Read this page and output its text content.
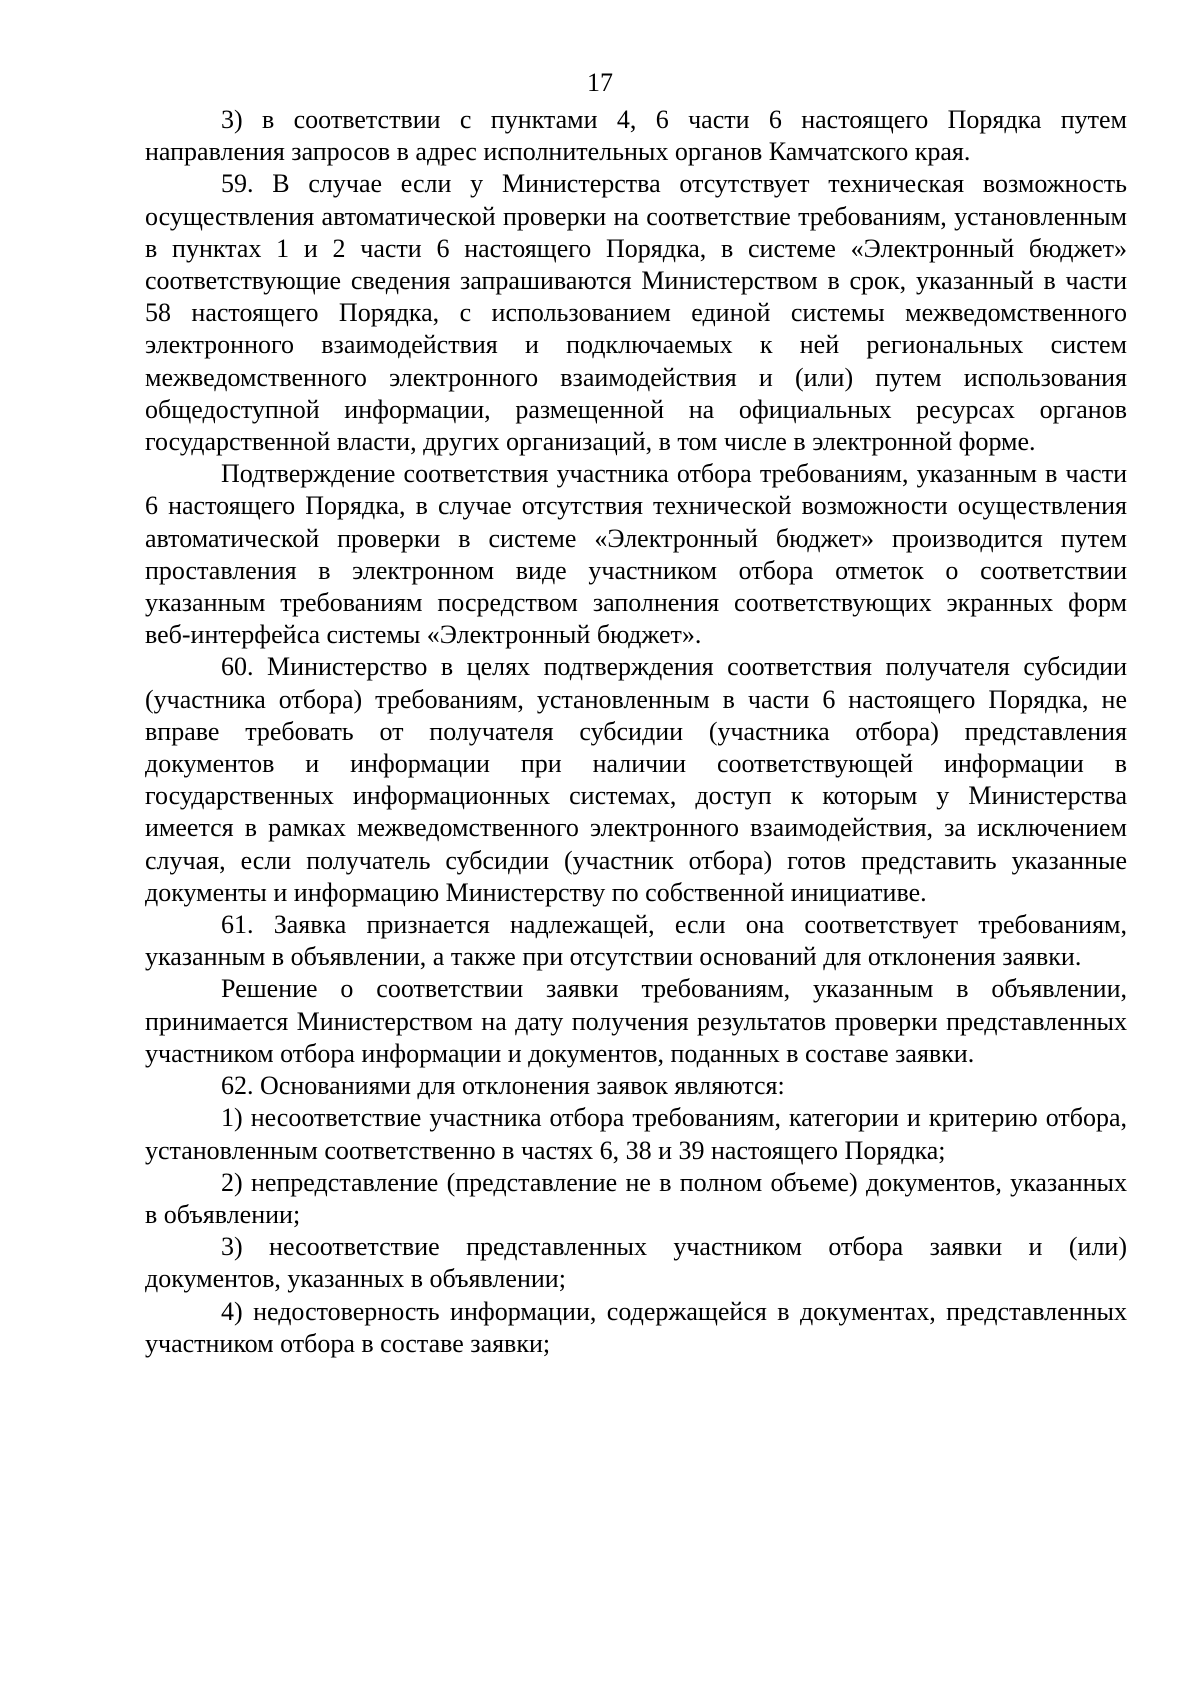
17

3) в соответствии с пунктами 4, 6 части 6 настоящего Порядка путем направления запросов в адрес исполнительных органов Камчатского края.

59. В случае если у Министерства отсутствует техническая возможность осуществления автоматической проверки на соответствие требованиям, установленным в пунктах 1 и 2 части 6 настоящего Порядка, в системе «Электронный бюджет» соответствующие сведения запрашиваются Министерством в срок, указанный в части 58 настоящего Порядка, с использованием единой системы межведомственного электронного взаимодействия и подключаемых к ней региональных систем межведомственного электронного взаимодействия и (или) путем использования общедоступной информации, размещенной на официальных ресурсах органов государственной власти, других организаций, в том числе в электронной форме.

Подтверждение соответствия участника отбора требованиям, указанным в части 6 настоящего Порядка, в случае отсутствия технической возможности осуществления автоматической проверки в системе «Электронный бюджет» производится путем проставления в электронном виде участником отбора отметок о соответствии указанным требованиям посредством заполнения соответствующих экранных форм веб-интерфейса системы «Электронный бюджет».

60. Министерство в целях подтверждения соответствия получателя субсидии (участника отбора) требованиям, установленным в части 6 настоящего Порядка, не вправе требовать от получателя субсидии (участника отбора) представления документов и информации при наличии соответствующей информации в государственных информационных системах, доступ к которым у Министерства имеется в рамках межведомственного электронного взаимодействия, за исключением случая, если получатель субсидии (участник отбора) готов представить указанные документы и информацию Министерству по собственной инициативе.

61. Заявка признается надлежащей, если она соответствует требованиям, указанным в объявлении, а также при отсутствии оснований для отклонения заявки.

Решение о соответствии заявки требованиям, указанным в объявлении, принимается Министерством на дату получения результатов проверки представленных участником отбора информации и документов, поданных в составе заявки.

62. Основаниями для отклонения заявок являются:

1) несоответствие участника отбора требованиям, категории и критерию отбора, установленным соответственно в частях 6, 38 и 39 настоящего Порядка;

2) непредставление (представление не в полном объеме) документов, указанных в объявлении;

3) несоответствие представленных участником отбора заявки и (или) документов, указанных в объявлении;

4) недостоверность информации, содержащейся в документах, представленных участником отбора в составе заявки;
